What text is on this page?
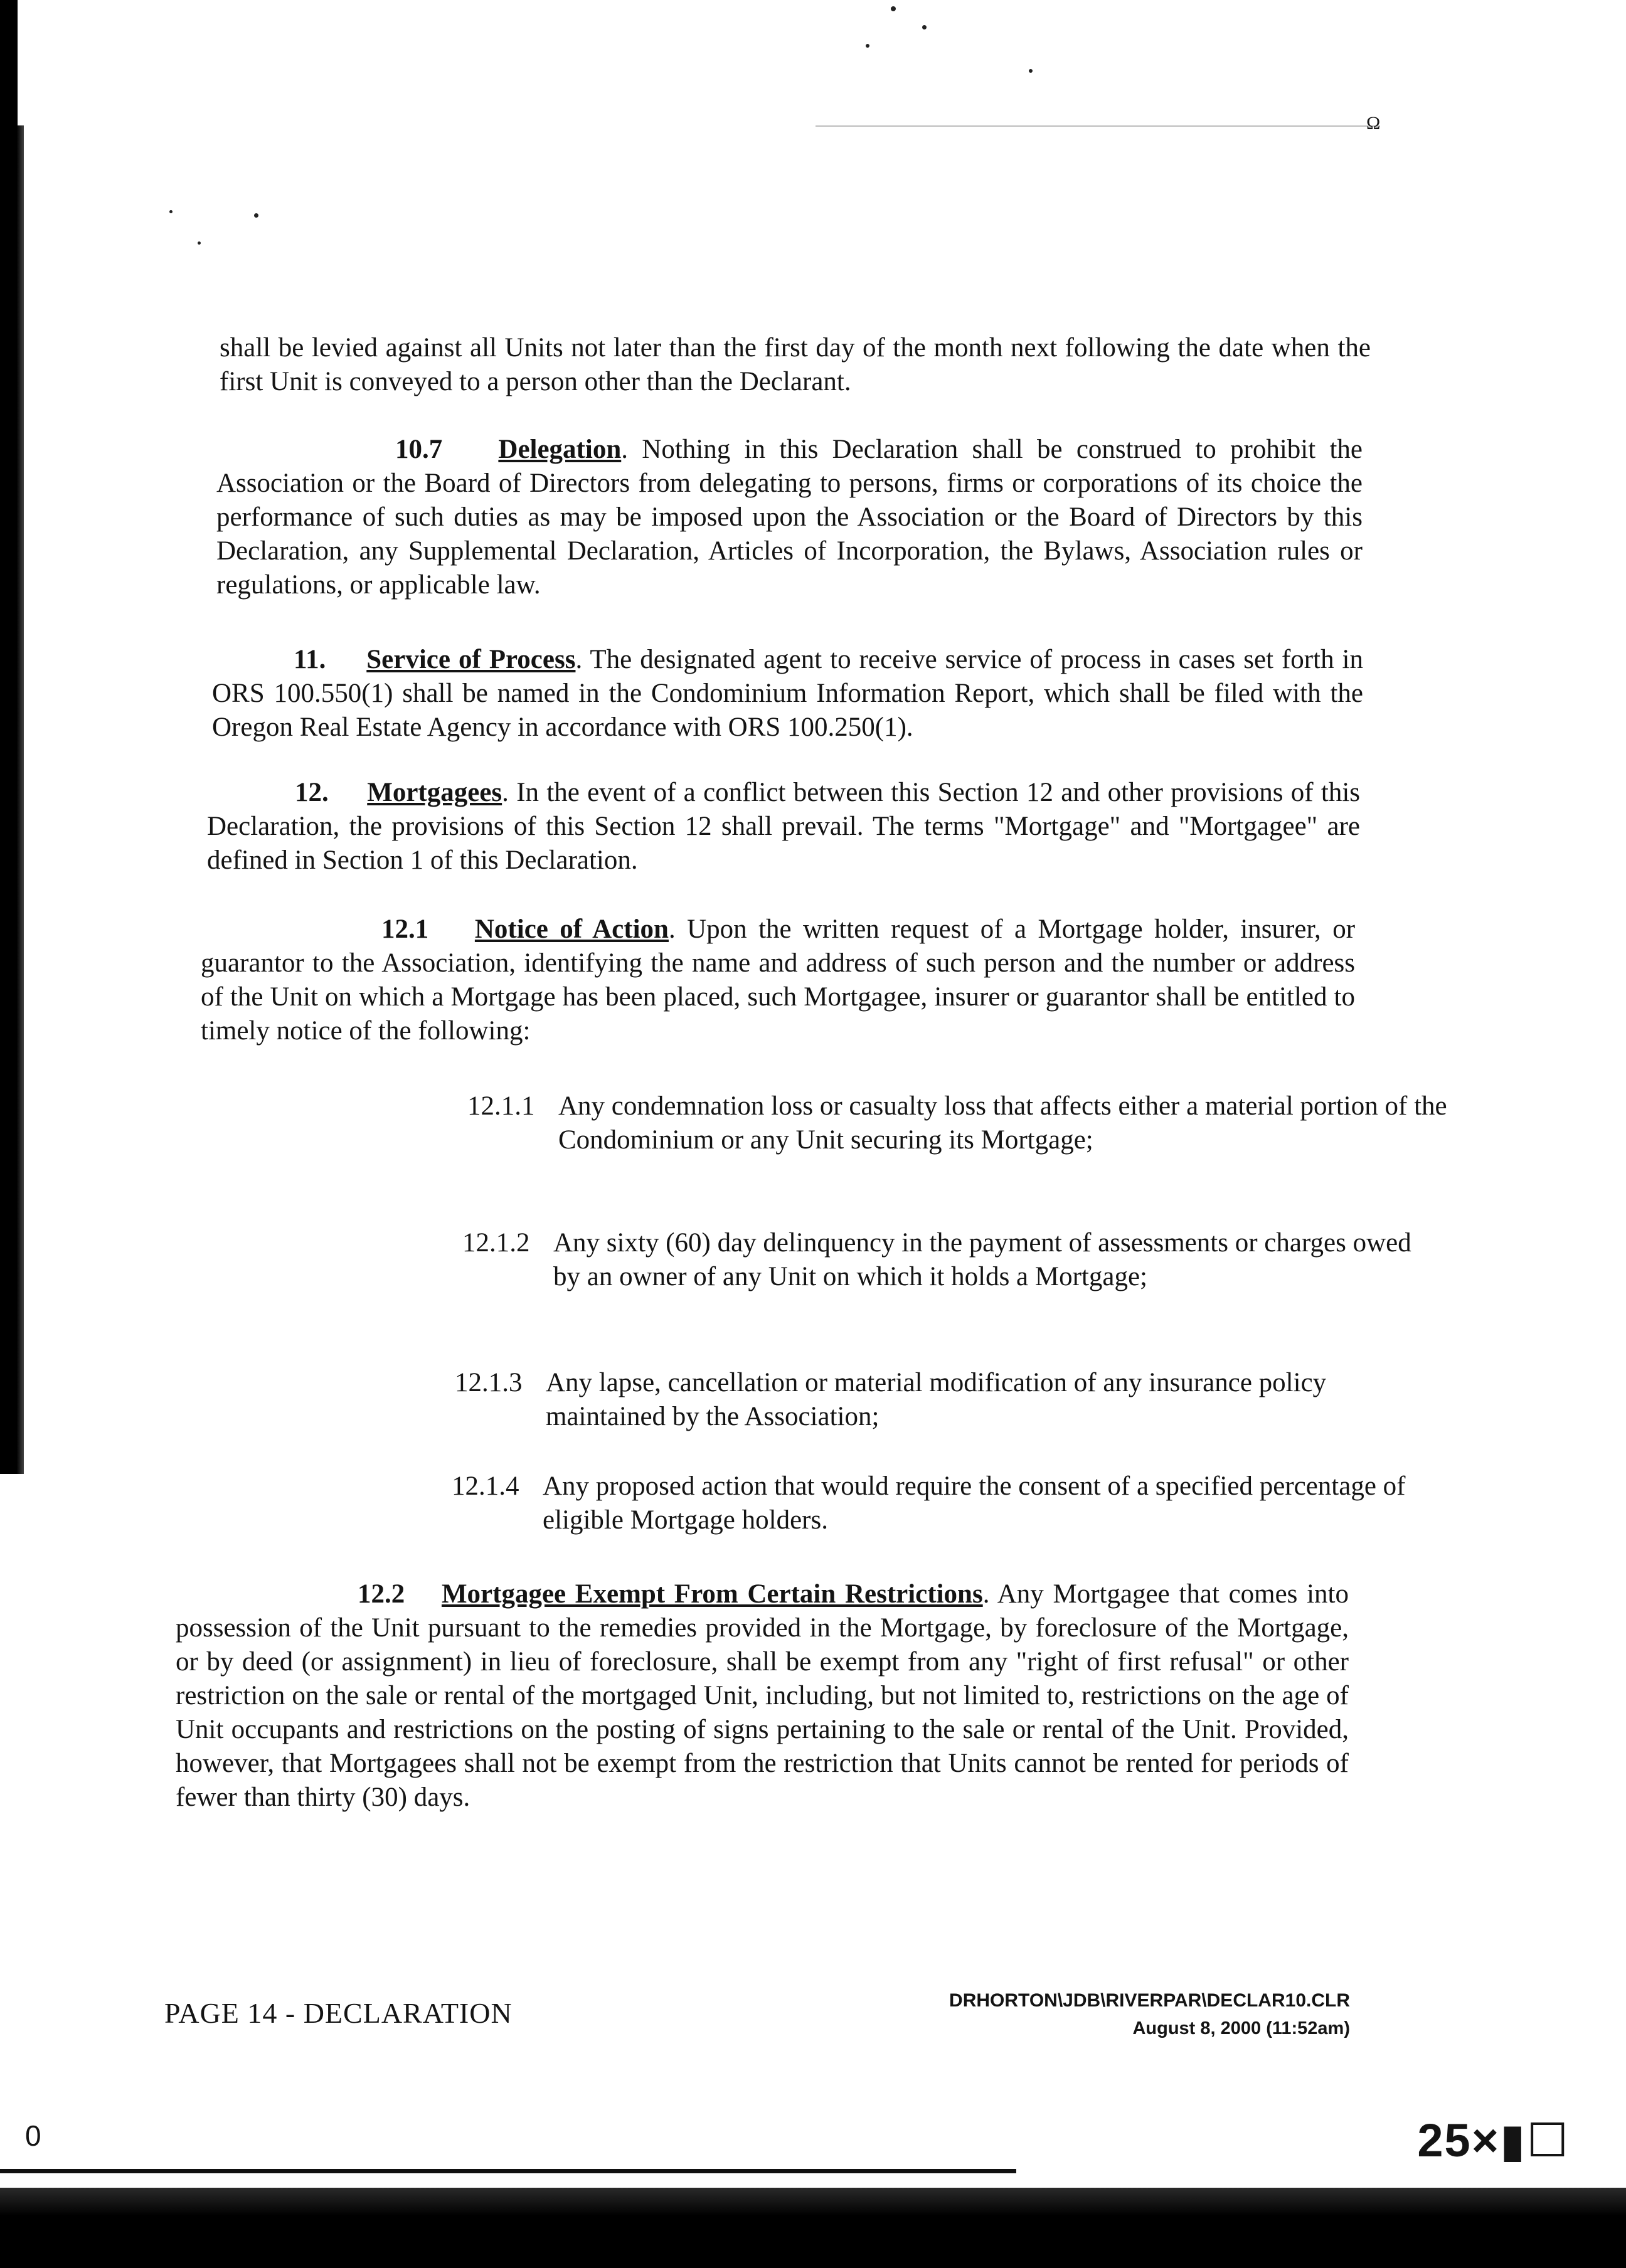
0
Ω

shall be levied against all Units not later than the first day of the month next following the date when the first Unit is conveyed to a person other than the Declarant.

10.7 Delegation. Nothing in this Declaration shall be construed to prohibit the Association or the Board of Directors from delegating to persons, firms or corporations of its choice the performance of such duties as may be imposed upon the Association or the Board of Directors by this Declaration, any Supplemental Declaration, Articles of Incorporation, the Bylaws, Association rules or regulations, or applicable law.

11. Service of Process. The designated agent to receive service of process in cases set forth in ORS 100.550(1) shall be named in the Condominium Information Report, which shall be filed with the Oregon Real Estate Agency in accordance with ORS 100.250(1).

12. Mortgagees. In the event of a conflict between this Section 12 and other provisions of this Declaration, the provisions of this Section 12 shall prevail. The terms "Mortgage" and "Mortgagee" are defined in Section 1 of this Declaration.

12.1 Notice of Action. Upon the written request of a Mortgage holder, insurer, or guarantor to the Association, identifying the name and address of such person and the number or address of the Unit on which a Mortgage has been placed, such Mortgagee, insurer or guarantor shall be entitled to timely notice of the following:

12.1.1 Any condemnation loss or casualty loss that affects either a material portion of the Condominium or any Unit securing its Mortgage;

12.1.2 Any sixty (60) day delinquency in the payment of assessments or charges owed by an owner of any Unit on which it holds a Mortgage;

12.1.3 Any lapse, cancellation or material modification of any insurance policy maintained by the Association;

12.1.4 Any proposed action that would require the consent of a specified percentage of eligible Mortgage holders.

12.2 Mortgagee Exempt From Certain Restrictions. Any Mortgagee that comes into possession of the Unit pursuant to the remedies provided in the Mortgage, by foreclosure of the Mortgage, or by deed (or assignment) in lieu of foreclosure, shall be exempt from any "right of first refusal" or other restriction on the sale or rental of the mortgaged Unit, including, but not limited to, restrictions on the age of Unit occupants and restrictions on the posting of signs pertaining to the sale or rental of the Unit. Provided, however, that Mortgagees shall not be exempt from the restriction that Units cannot be rented for periods of fewer than thirty (30) days.

PAGE 14 - DECLARATION	DRHORTON\JDB\RIVERPAR\DECLAR10.CLR
August 8, 2000 (11:52am)
25×▮☐
